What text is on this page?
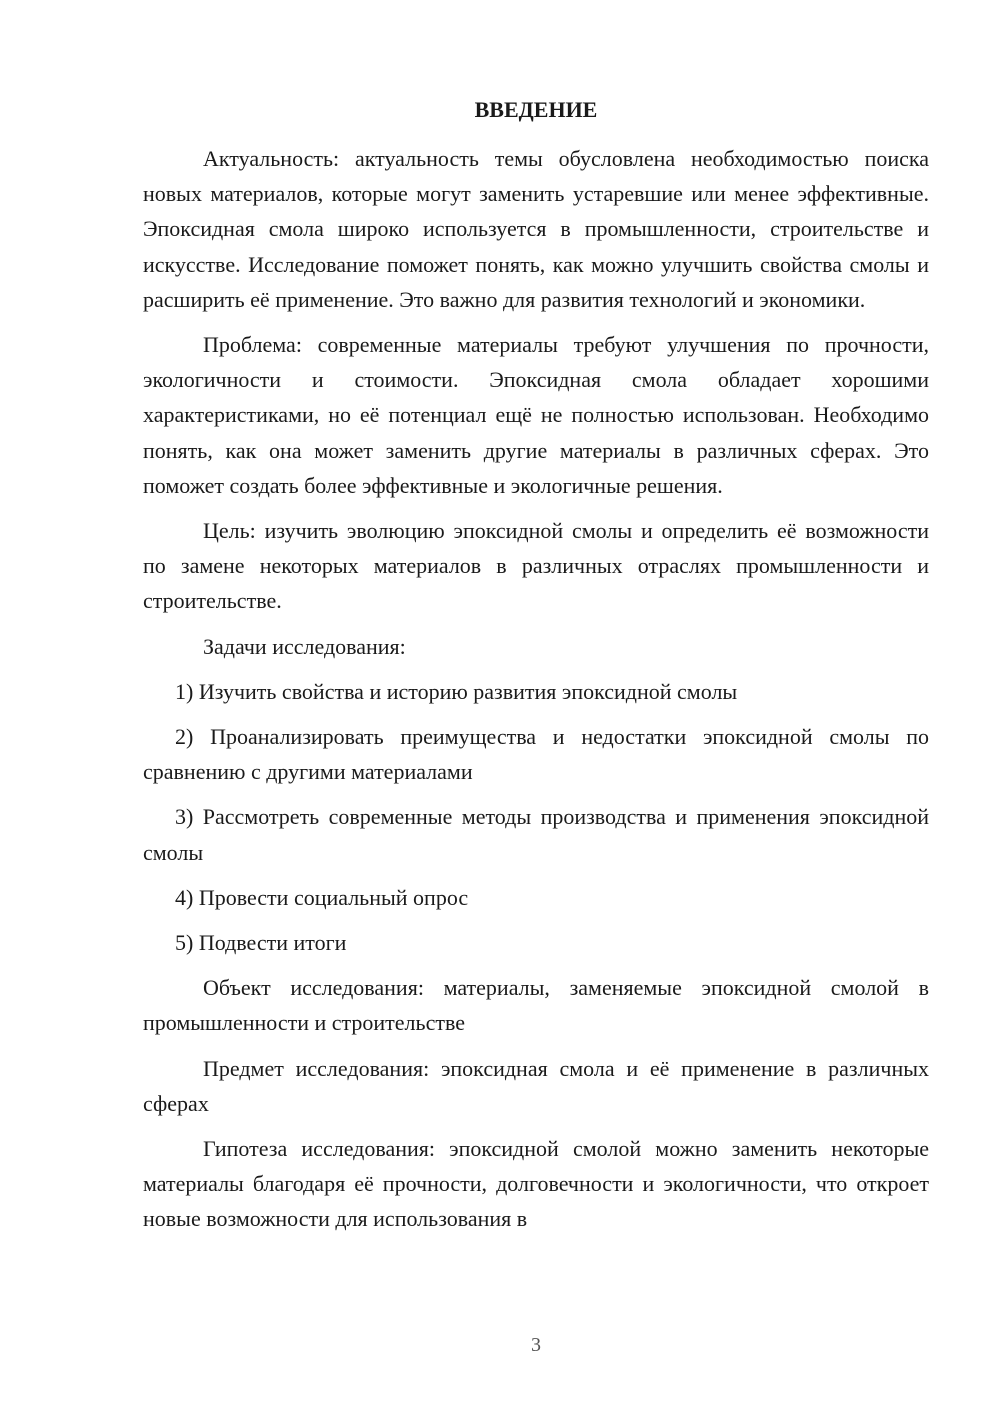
ВВЕДЕНИЕ

Актуальность: актуальность темы обусловлена необходимостью поиска новых материалов, которые могут заменить устаревшие или менее эффективные. Эпоксидная смола широко используется в промышленности, строительстве и искусстве. Исследование поможет понять, как можно улучшить свойства смолы и расширить её применение. Это важно для развития технологий и экономики.

Проблема: современные материалы требуют улучшения по прочности, экологичности и стоимости. Эпоксидная смола обладает хорошими характеристиками, но её потенциал ещё не полностью использован. Необходимо понять, как она может заменить другие материалы в различных сферах. Это поможет создать более эффективные и экологичные решения.

Цель: изучить эволюцию эпоксидной смолы и определить её возможности по замене некоторых материалов в различных отраслях промышленности и строительстве.

Задачи исследования:

1) Изучить свойства и историю развития эпоксидной смолы

2) Проанализировать преимущества и недостатки эпоксидной смолы по сравнению с другими материалами

3) Рассмотреть современные методы производства и применения эпоксидной смолы

4) Провести социальный опрос

5) Подвести итоги

Объект исследования: материалы, заменяемые эпоксидной смолой в промышленности и строительстве

Предмет исследования: эпоксидная смола и её применение в различных сферах

Гипотеза исследования: эпоксидной смолой можно заменить некоторые материалы благодаря её прочности, долговечности и экологичности, что откроет новые возможности для использования в

3
